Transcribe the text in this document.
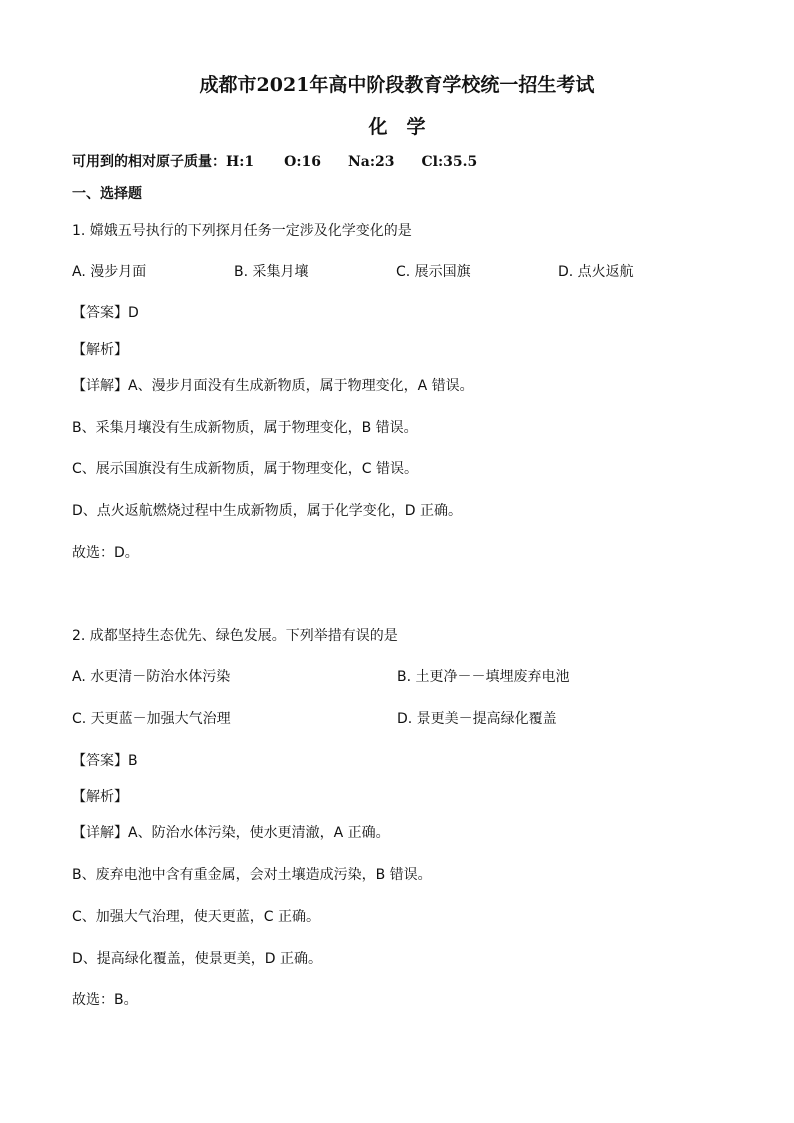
成都市2021年高中阶段教育学校统一招生考试
化　学
可用到的相对原子质量：H:1 O:16 Na:23 Cl:35.5
一、选择题
1. 嫦娥五号执行的下列探月任务一定涉及化学变化的是
A. 漫步月面	B. 采集月壤	C. 展示国旗	D. 点火返航
【答案】D
【解析】
【详解】A、漫步月面没有生成新物质，属于物理变化，A 错误。
B、采集月壤没有生成新物质，属于物理变化，B 错误。
C、展示国旗没有生成新物质，属于物理变化，C 错误。
D、点火返航燃烧过程中生成新物质，属于化学变化，D 正确。
故选：D。
2. 成都坚持生态优先、绿色发展。下列举措有误的是
A. 水更清－防治水体污染	B. 土更净－－填埋废弃电池
C. 天更蓝－加强大气治理	D. 景更美－提高绿化覆盖
【答案】B
【解析】
【详解】A、防治水体污染，使水更清澈，A 正确。
B、废弃电池中含有重金属，会对土壤造成污染，B 错误。
C、加强大气治理，使天更蓝，C 正确。
D、提高绿化覆盖，使景更美，D 正确。
故选：B。
